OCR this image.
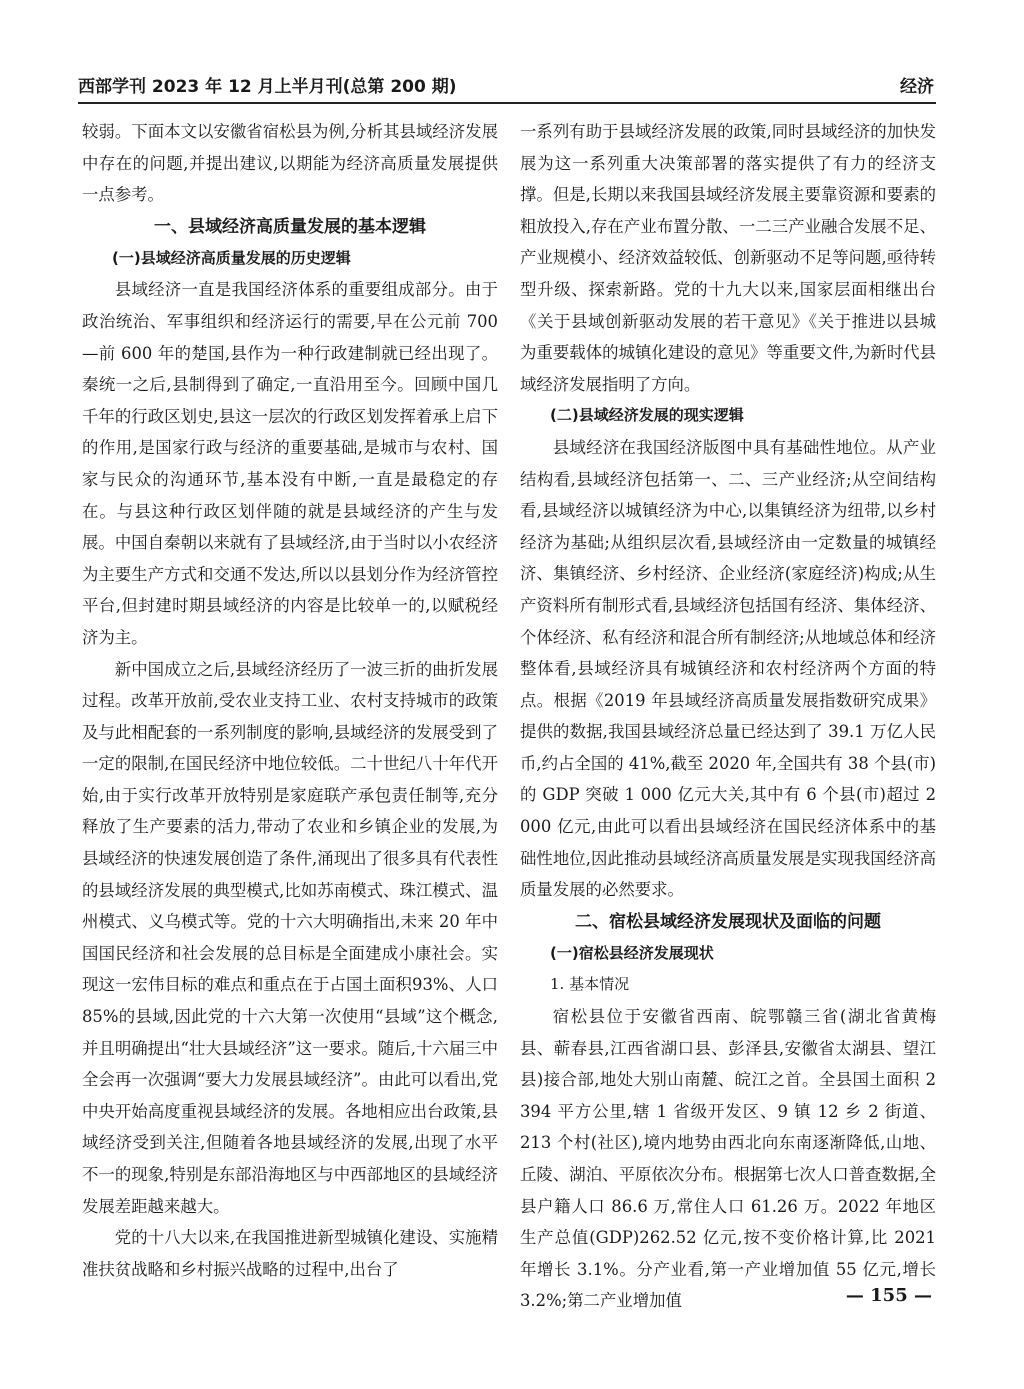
西部学刊 2023 年 12 月上半月刊(总第 200 期)	经济

较弱。下面本文以安徽省宿松县为例,分析其县域经济发展中存在的问题,并提出建议,以期能为经济高质量发展提供一点参考。

一、县域经济高质量发展的基本逻辑
(一)县域经济高质量发展的历史逻辑

县域经济一直是我国经济体系的重要组成部分。由于政治统治、军事组织和经济运行的需要,早在公元前 700—前 600 年的楚国,县作为一种行政建制就已经出现了。秦统一之后,县制得到了确定,一直沿用至今。回顾中国几千年的行政区划史,县这一层次的行政区划发挥着承上启下的作用,是国家行政与经济的重要基础,是城市与农村、国家与民众的沟通环节,基本没有中断,一直是最稳定的存在。与县这种行政区划伴随的就是县域经济的产生与发展。中国自秦朝以来就有了县域经济,由于当时以小农经济为主要生产方式和交通不发达,所以以县划分作为经济管控平台,但封建时期县域经济的内容是比较单一的,以赋税经济为主。

新中国成立之后,县域经济经历了一波三折的曲折发展过程。改革开放前,受农业支持工业、农村支持城市的政策及与此相配套的一系列制度的影响,县域经济的发展受到了一定的限制,在国民经济中地位较低。二十世纪八十年代开始,由于实行改革开放特别是家庭联产承包责任制等,充分释放了生产要素的活力,带动了农业和乡镇企业的发展,为县域经济的快速发展创造了条件,涌现出了很多具有代表性的县域经济发展的典型模式,比如苏南模式、珠江模式、温州模式、义乌模式等。党的十六大明确指出,未来 20 年中国国民经济和社会发展的总目标是全面建成小康社会。实现这一宏伟目标的难点和重点在于占国土面积93%、人口 85%的县域,因此党的十六大第一次使用“县域”这个概念,并且明确提出“壮大县域经济”这一要求。随后,十六届三中全会再一次强调“要大力发展县域经济”。由此可以看出,党中央开始高度重视县域经济的发展。各地相应出台政策,县域经济受到关注,但随着各地县域经济的发展,出现了水平不一的现象,特别是东部沿海地区与中西部地区的县域经济发展差距越来越大。

党的十八大以来,在我国推进新型城镇化建设、实施精准扶贫战略和乡村振兴战略的过程中,出台了

一系列有助于县域经济发展的政策,同时县域经济的加快发展为这一系列重大决策部署的落实提供了有力的经济支撑。但是,长期以来我国县域经济发展主要靠资源和要素的粗放投入,存在产业布置分散、一二三产业融合发展不足、产业规模小、经济效益较低、创新驱动不足等问题,亟待转型升级、探索新路。党的十九大以来,国家层面相继出台《关于县域创新驱动发展的若干意见》《关于推进以县城为重要载体的城镇化建设的意见》等重要文件,为新时代县域经济发展指明了方向。

(二)县域经济发展的现实逻辑

县域经济在我国经济版图中具有基础性地位。从产业结构看,县域经济包括第一、二、三产业经济;从空间结构看,县域经济以城镇经济为中心,以集镇经济为纽带,以乡村经济为基础;从组织层次看,县域经济由一定数量的城镇经济、集镇经济、乡村经济、企业经济(家庭经济)构成;从生产资料所有制形式看,县域经济包括国有经济、集体经济、个体经济、私有经济和混合所有制经济;从地域总体和经济整体看,县域经济具有城镇经济和农村经济两个方面的特点。根据《2019 年县域经济高质量发展指数研究成果》提供的数据,我国县域经济总量已经达到了 39.1 万亿人民币,约占全国的 41%,截至 2020 年,全国共有 38 个县(市)的 GDP 突破 1 000 亿元大关,其中有 6 个县(市)超过 2 000 亿元,由此可以看出县域经济在国民经济体系中的基础性地位,因此推动县域经济高质量发展是实现我国经济高质量发展的必然要求。

二、宿松县域经济发展现状及面临的问题
(一)宿松县经济发展现状

1. 基本情况

宿松县位于安徽省西南、皖鄂赣三省(湖北省黄梅县、蕲春县,江西省湖口县、彭泽县,安徽省太湖县、望江县)接合部,地处大别山南麓、皖江之首。全县国土面积 2 394 平方公里,辖 1 省级开发区、9 镇 12 乡 2 街道、213 个村(社区),境内地势由西北向东南逐渐降低,山地、丘陵、湖泊、平原依次分布。根据第七次人口普查数据,全县户籍人口 86.6 万,常住人口 61.26 万。2022 年地区生产总值(GDP)262.52 亿元,按不变价格计算,比 2021 年增长 3.1%。分产业看,第一产业增加值 55 亿元,增长 3.2%;第二产业增加值	— 155 —
